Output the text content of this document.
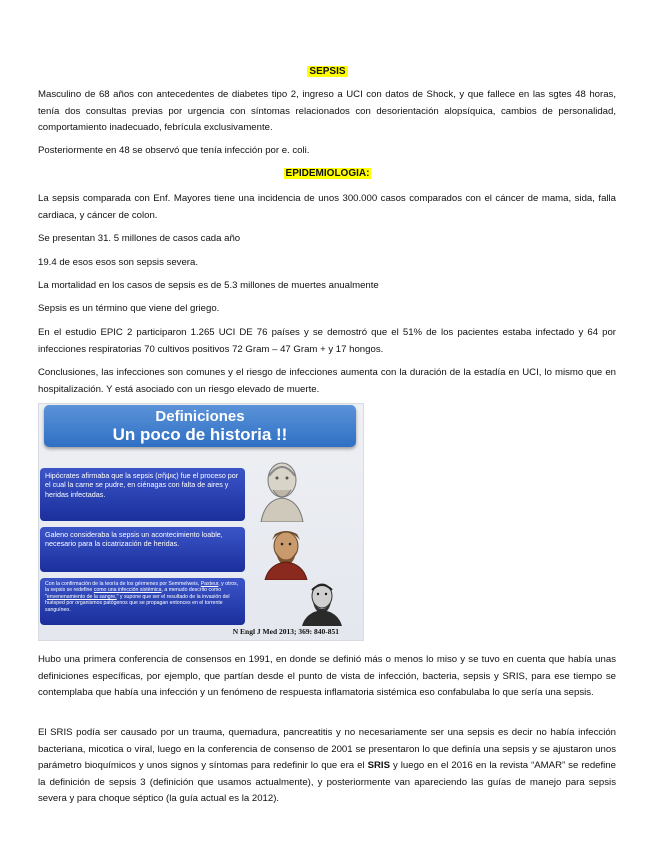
SEPSIS
Masculino de 68 años con antecedentes de diabetes tipo 2, ingreso a UCI con datos de Shock, y que fallece en las sgtes 48 horas, tenía dos consultas previas por urgencia con síntomas relacionados con desorientación alopsíquica, cambios de personalidad, comportamiento inadecuado, febrícula exclusivamente.
Posteriormente en 48 se observó que tenía infección por e. coli.
EPIDEMIOLOGIA:
La sepsis comparada con Enf. Mayores tiene una incidencia de unos 300.000 casos comparados con el cáncer de mama, sida, falla cardiaca, y cáncer de colon.
Se presentan 31. 5 millones de casos cada año
19.4 de esos esos son sepsis severa.
La mortalidad en los casos de sepsis es de 5.3 millones de muertes anualmente
Sepsis es un término que viene del griego.
En el estudio EPIC 2 participaron 1.265 UCI DE 76 países y se demostró que el 51% de los pacientes estaba infectado y 64 por infecciones respiratorias 70 cultivos positivos 72 Gram – 47 Gram + y 17 hongos.
Conclusiones, las infecciones son comunes y el riesgo de infecciones aumenta con la duración de la estadía en UCI, lo mismo que en hospitalización. Y está asociado con un riesgo elevado de muerte.
Definiciones
Un poco de historia !!
Hipócrates afirmaba que la sepsis (σῆψις) fue el proceso por el cual la carne se pudre, en ciénagas con falta de aires y heridas infectadas.
Galeno consideraba la sepsis un acontecimiento loable, necesario para la cicatrización de heridas.
Con la confirmación de la teoría de los gérmenes por Semmelweis, Pasteur, y otros, la sepsis se redefine como una infección sistémica, a menudo descrito como "envenenamiento de la sangre," y supone que ser el resultado de la invasión del huésped por organismos patógenos que se propagan entonces en el torrente sanguíneo.
N Engl J Med 2013; 369: 840-851
Hubo una primera conferencia de consensos en 1991, en donde se definió más o menos lo miso y se tuvo en cuenta que había unas definiciones específicas, por ejemplo, que partían desde el punto de vista de infección, bacteria, sepsis y SRIS, para ese tiempo se contemplaba que había una infección y un fenómeno de respuesta inflamatoria sistémica eso confabulaba lo que sería una sepsis.
El SRIS podía ser causado por un trauma, quemadura, pancreatitis y no necesariamente ser una sepsis es decir no había infección bacteriana, micotica o viral, luego en la conferencia de consenso de 2001 se presentaron lo que definía una sepsis y se ajustaron unos parámetro bioquímicos y unos signos y síntomas para redefinir lo que era el SRIS y luego en el 2016 en la revista “AMAR” se redefine la definición de sepsis 3 (definición que usamos actualmente), y posteriormente van apareciendo las guías de manejo para sepsis severa y para choque séptico (la guía actual es la 2012).
